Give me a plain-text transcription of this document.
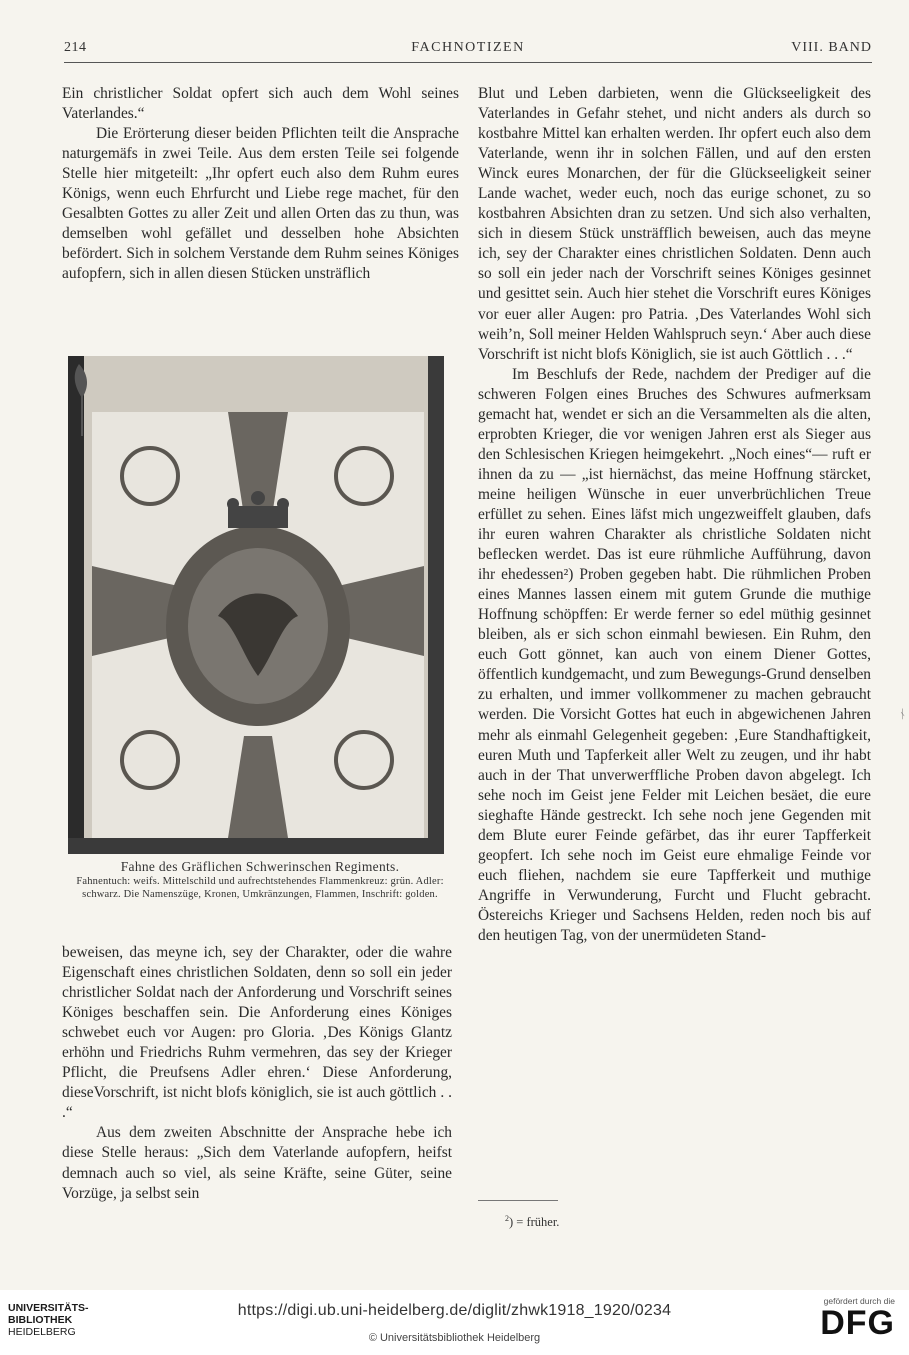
214	FACHNOTIZEN	VIII. BAND

Ein christlicher Soldat opfert sich auch dem Wohl seines Vaterlandes.“

Die Erörterung dieser beiden Pflichten teilt die Ansprache naturgemäfs in zwei Teile. Aus dem ersten Teile sei folgende Stelle hier mitgeteilt: „Ihr opfert euch also dem Ruhm eures Königs, wenn euch Ehrfurcht und Liebe rege machet, für den Gesalbten Gottes zu aller Zeit und allen Orten das zu thun, was demselben wohl gefället und desselben hohe Absichten befördert. Sich in solchem Verstande dem Ruhm seines Königes aufopfern, sich in allen diesen Stücken unsträflich

Fahne des Gräflichen Schwerinschen Regiments.
Fahnentuch: weifs. Mittelschild und aufrechtstehendes Flammenkreuz: grün. Adler: schwarz. Die Namenszüge, Kronen, Umkränzungen, Flammen, Inschrift: golden.

beweisen, das meyne ich, sey der Charakter, oder die wahre Eigenschaft eines christlichen Soldaten, denn so soll ein jeder christlicher Soldat nach der Anforderung und Vorschrift seines Königes beschaffen sein. Die Anforderung eines Königes schwebet euch vor Augen: pro Gloria. ‚Des Königs Glantz erhöhn und Friedrichs Ruhm vermehren, das sey der Krieger Pflicht, die Preufsens Adler ehren.‘ Diese Anforderung, dieseVorschrift, ist nicht blofs königlich, sie ist auch göttlich . . .“

Aus dem zweiten Abschnitte der Ansprache hebe ich diese Stelle heraus: „Sich dem Vaterlande aufopfern, heifst demnach auch so viel, als seine Kräfte, seine Güter, seine Vorzüge, ja selbst sein

Blut und Leben darbieten, wenn die Glückseeligkeit des Vaterlandes in Gefahr stehet, und nicht anders als durch so kostbahre Mittel kan erhalten werden. Ihr opfert euch also dem Vaterlande, wenn ihr in solchen Fällen, und auf den ersten Winck eures Monarchen, der für die Glückseeligkeit seiner Lande wachet, weder euch, noch das eurige schonet, zu so kostbahren Absichten dran zu setzen. Und sich also verhalten, sich in diesem Stück unsträfflich beweisen, auch das meyne ich, sey der Charakter eines christlichen Soldaten. Denn auch so soll ein jeder nach der Vorschrift seines Königes gesinnet und gesittet sein. Auch hier stehet die Vorschrift eures Königes vor euer aller Augen: pro Patria. ‚Des Vaterlandes Wohl sich weih’n, Soll meiner Helden Wahlspruch seyn.‘ Aber auch diese Vorschrift ist nicht blofs Königlich, sie ist auch Göttlich . . .“

Im Beschlufs der Rede, nachdem der Prediger auf die schweren Folgen eines Bruches des Schwures aufmerksam gemacht hat, wendet er sich an die Versammelten als die alten, erprobten Krieger, die vor wenigen Jahren erst als Sieger aus den Schlesischen Kriegen heimgekehrt. „Noch eines“— ruft er ihnen da zu — „ist hiernächst, das meine Hoffnung stärcket, meine heiligen Wünsche in euer unverbrüchlichen Treue erfüllet zu sehen. Eines läfst mich ungezweiffelt glauben, dafs ihr euren wahren Charakter als christliche Soldaten nicht beflecken werdet. Das ist eure rühmliche Aufführung, davon ihr ehedessen²) Proben gegeben habt. Die rühmlichen Proben eines Mannes lassen einem mit gutem Grunde die muthige Hoffnung schöpffen: Er werde ferner so edel müthig gesinnet bleiben, als er sich schon einmahl bewiesen. Ein Ruhm, den euch Gott gönnet, kan auch von einem Diener Gottes, öffentlich kundgemacht, und zum Bewegungs-Grund denselben zu erhalten, und immer vollkommener zu machen gebraucht werden. Die Vorsicht Gottes hat euch in abgewichenen Jahren mehr als einmahl Gelegenheit gegeben: ‚Eure Standhaftigkeit, euren Muth und Tapferkeit aller Welt zu zeugen, und ihr habt auch in der That unverwerffliche Proben davon abgelegt. Ich sehe noch im Geist jene Felder mit Leichen besäet, die eure sieghafte Hände gestreckt. Ich sehe noch jene Gegenden mit dem Blute eurer Feinde gefärbet, das ihr eurer Tapfferkeit geopfert. Ich sehe noch im Geist eure ehmalige Feinde vor euch fliehen, nachdem sie eure Tapfferkeit und muthige Angriffe in Verwunderung, Furcht und Flucht gebracht. Östereichs Krieger und Sachsens Helden, reden noch bis auf den heutigen Tag, von der unermüdeten Stand-

$^2$) = früher.
ᚾ
UNIVERSITÄTS-
BIBLIOTHEK
HEIDELBERG
https://digi.ub.uni-heidelberg.de/diglit/zhwk1918_1920/0234
© Universitätsbibliothek Heidelberg
gefördert durch die
DFG
